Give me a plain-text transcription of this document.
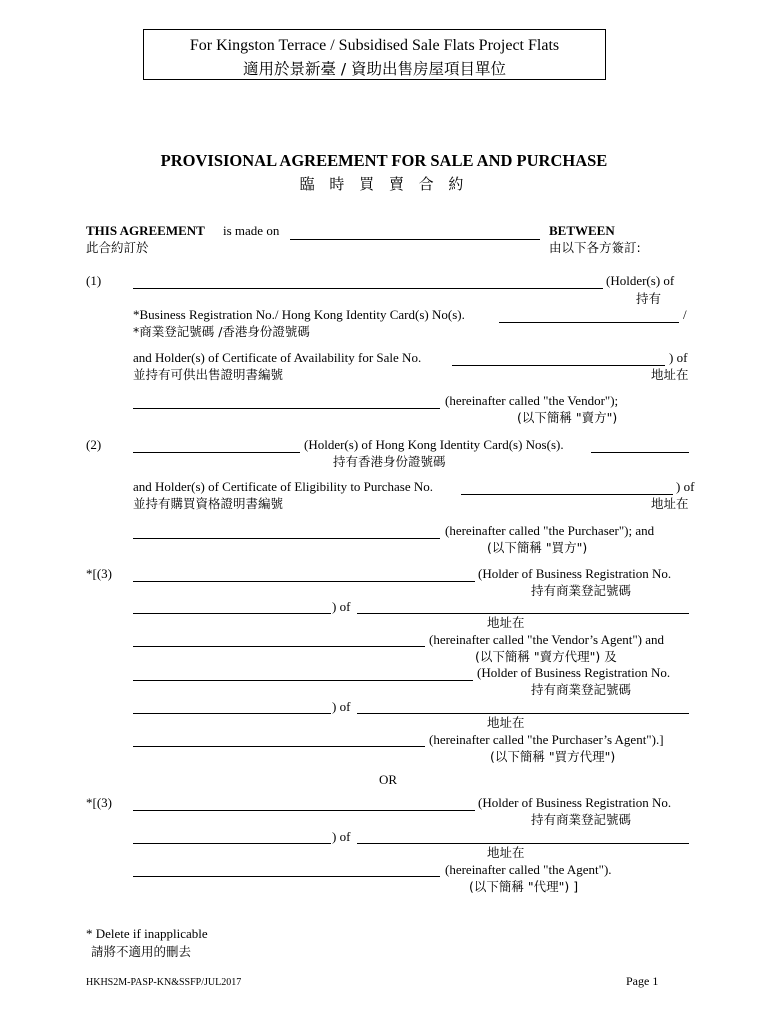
For Kingston Terrace / Subsidised Sale Flats Project Flats
適用於景新臺 / 資助出售房屋項目單位
PROVISIONAL AGREEMENT FOR SALE AND PURCHASE
臨 時 買 賣 合 約
THIS AGREEMENT is made on	BETWEEN
此合約訂於	由以下各方簽訂:
(1)	(Holder(s) of
持有
*Business Registration No./ Hong Kong Identity Card(s) No(s).	/
*商業登記號碼 /香港身份證號碼
and Holder(s) of Certificate of Availability for Sale No.	) of
並持有可供出售證明書編號	地址在
(hereinafter called "the Vendor");
(以下簡稱 "賣方")
(2)	(Holder(s) of Hong Kong Identity Card(s) Nos(s).
持有香港身份證號碼
and Holder(s) of Certificate of Eligibility to Purchase No.	) of
並持有購買資格證明書編號	地址在
(hereinafter called "the Purchaser"); and
(以下簡稱 "買方")
*[(3)	(Holder of Business Registration No.
持有商業登記號碼
) of
地址在
(hereinafter called "the Vendor’s Agent") and
(以下簡稱 "賣方代理") 及
(Holder of Business Registration No.
持有商業登記號碼
) of
地址在
(hereinafter called "the Purchaser’s Agent").]
(以下簡稱 "買方代理")
OR
*[(3)	(Holder of Business Registration No.
持有商業登記號碼
) of
地址在
(hereinafter called "the Agent").
(以下簡稱 "代理") ]
* Delete if inapplicable
請將不適用的刪去
HKHS2M-PASP-KN&SSFP/JUL2017	Page 1
